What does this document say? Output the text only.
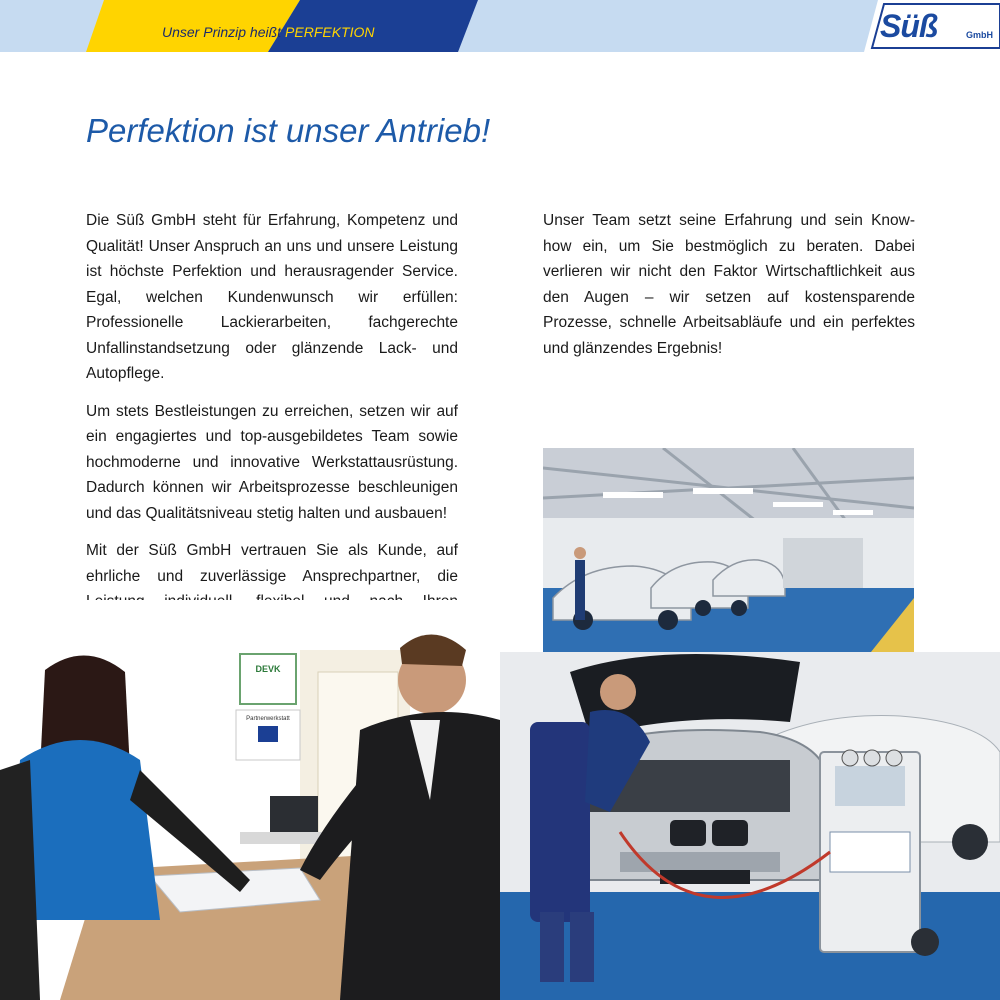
Unser Prinzip heißt PERFEKTION	Süß	GmbH
Perfektion ist unser Antrieb!

Die Süß GmbH steht für Erfahrung, Kompetenz und Qualität! Unser Anspruch an uns und unsere Leistung ist höchste Perfektion und herausragender Service. Egal, welchen Kundenwunsch wir erfüllen: Professionelle Lackierarbeiten, fachgerechte Unfallinstandsetzung oder glänzende Lack- und Autopflege.

Um stets Bestleistungen zu erreichen, setzen wir auf ein engagiertes und top-ausgebildetes Team sowie hochmoderne und innovative Werkstattausrüstung. Dadurch können wir Arbeitsprozesse beschleunigen und das Qualitätsniveau stetig halten und ausbauen!

Mit der Süß GmbH vertrauen Sie als Kunde, auf ehrliche und zuverlässige Ansprechpartner, die

Unser Team setzt seine Erfahrung und sein Know-how ein, um Sie bestmöglich zu beraten. Dabei verlieren wir nicht den Faktor Wirtschaftlichkeit aus den Augen – wir setzen auf kostensparende Prozesse, schnelle Arbeitsabläufe und ein perfektes und glänzendes Ergebnis!

DEVK
Partnerwerkstatt
